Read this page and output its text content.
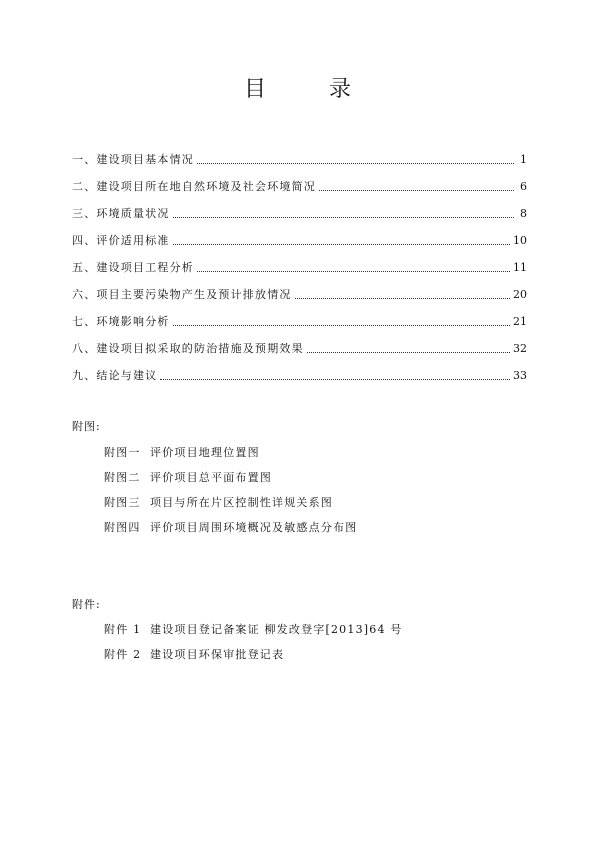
目 录
一、建设项目基本情况	1
二、建设项目所在地自然环境及社会环境简况	6
三、环境质量状况	8
四、评价适用标准	10
五、建设项目工程分析	11
六、项目主要污染物产生及预计排放情况	20
七、环境影响分析	21
八、建设项目拟采取的防治措施及预期效果	32
九、结论与建议	33
附图:
附图一 评价项目地理位置图
附图二 评价项目总平面布置图
附图三 项目与所在片区控制性详规关系图
附图四 评价项目周围环境概况及敏感点分布图
附件:
附件 1 建设项目登记备案证 柳发改登字[2013]64 号
附件 2 建设项目环保审批登记表
